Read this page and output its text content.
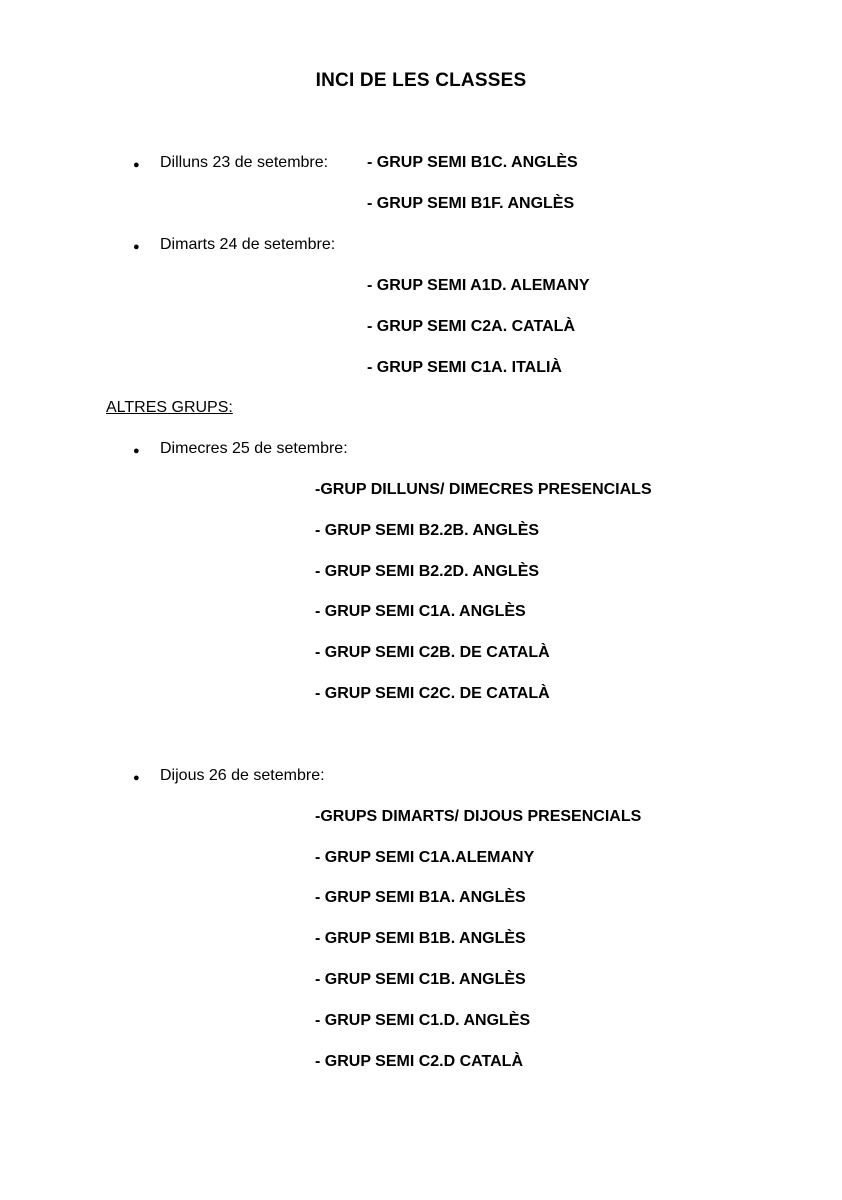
INCI DE LES CLASSES
● Dilluns 23 de setembre: - GRUP SEMI B1C. ANGLÈS
- GRUP SEMI B1F. ANGLÈS
● Dimarts 24 de setembre:
- GRUP SEMI A1D. ALEMANY
- GRUP SEMI C2A. CATALÀ
- GRUP SEMI C1A. ITALIÀ
ALTRES GRUPS:
● Dimecres 25 de setembre:
-GRUP DILLUNS/ DIMECRES PRESENCIALS
- GRUP SEMI B2.2B. ANGLÈS
- GRUP SEMI B2.2D. ANGLÈS
- GRUP SEMI C1A. ANGLÈS
- GRUP SEMI C2B. DE CATALÀ
- GRUP SEMI C2C. DE CATALÀ
● Dijous 26 de setembre:
-GRUPS DIMARTS/ DIJOUS PRESENCIALS
- GRUP SEMI C1A.ALEMANY
- GRUP SEMI B1A. ANGLÈS
- GRUP SEMI B1B. ANGLÈS
- GRUP SEMI C1B. ANGLÈS
- GRUP SEMI C1.D. ANGLÈS
- GRUP SEMI C2.D CATALÀ
